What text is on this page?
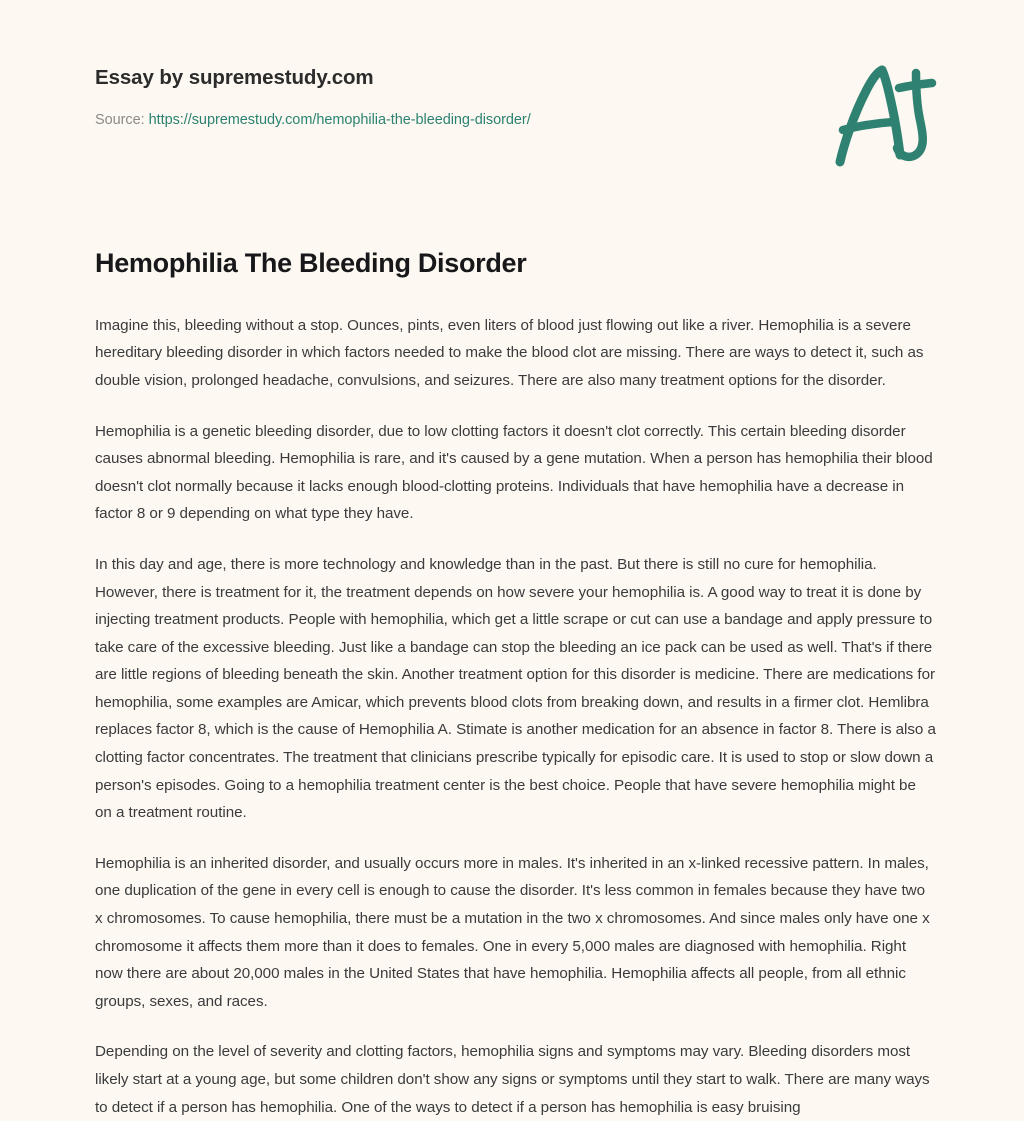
Essay by supremestudy.com
Source: https://supremestudy.com/hemophilia-the-bleeding-disorder/
Hemophilia The Bleeding Disorder

Imagine this, bleeding without a stop. Ounces, pints, even liters of blood just flowing out like a river. Hemophilia is a severe hereditary bleeding disorder in which factors needed to make the blood clot are missing. There are ways to detect it, such as double vision, prolonged headache, convulsions, and seizures. There are also many treatment options for the disorder.

Hemophilia is a genetic bleeding disorder, due to low clotting factors it doesn't clot correctly. This certain bleeding disorder causes abnormal bleeding. Hemophilia is rare, and it's caused by a gene mutation. When a person has hemophilia their blood doesn't clot normally because it lacks enough blood-clotting proteins. Individuals that have hemophilia have a decrease in factor 8 or 9 depending on what type they have.

In this day and age, there is more technology and knowledge than in the past. But there is still no cure for hemophilia. However, there is treatment for it, the treatment depends on how severe your hemophilia is. A good way to treat it is done by injecting treatment products. People with hemophilia, which get a little scrape or cut can use a bandage and apply pressure to take care of the excessive bleeding. Just like a bandage can stop the bleeding an ice pack can be used as well. That's if there are little regions of bleeding beneath the skin. Another treatment option for this disorder is medicine. There are medications for hemophilia, some examples are Amicar, which prevents blood clots from breaking down, and results in a firmer clot. Hemlibra replaces factor 8, which is the cause of Hemophilia A. Stimate is another medication for an absence in factor 8. There is also a clotting factor concentrates. The treatment that clinicians prescribe typically for episodic care. It is used to stop or slow down a person's episodes. Going to a hemophilia treatment center is the best choice. People that have severe hemophilia might be on a treatment routine.

Hemophilia is an inherited disorder, and usually occurs more in males. It's inherited in an x-linked recessive pattern. In males, one duplication of the gene in every cell is enough to cause the disorder. It's less common in females because they have two x chromosomes. To cause hemophilia, there must be a mutation in the two x chromosomes. And since males only have one x chromosome it affects them more than it does to females. One in every 5,000 males are diagnosed with hemophilia. Right now there are about 20,000 males in the United States that have hemophilia. Hemophilia affects all people, from all ethnic groups, sexes, and races.

Depending on the level of severity and clotting factors, hemophilia signs and symptoms may vary. Bleeding disorders most likely start at a young age, but some children don't show any signs or symptoms until they start to walk. There are many ways to detect if a person has hemophilia. One of the ways to detect if a person has hemophilia is easy bruising
